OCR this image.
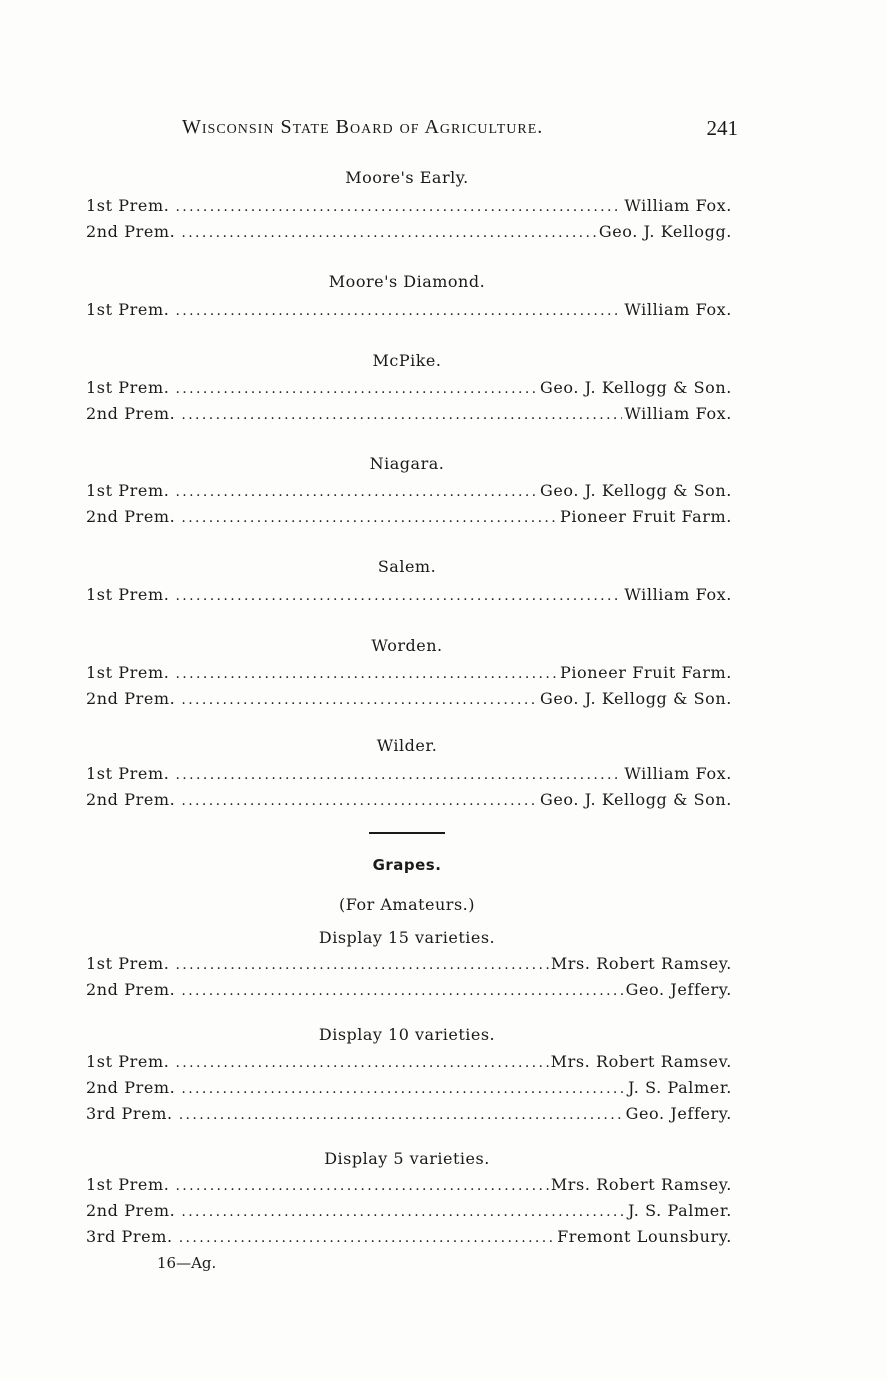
Wisconsin State Board of Agriculture.	241
Moore's Early.
1st Prem. .....	William Fox.
2nd Prem. .....	Geo. J. Kellogg.
Moore's Diamond.
1st Prem. .....	William Fox.
McPike.
1st Prem. .....	Geo. J. Kellogg & Son.
2nd Prem. .....	William Fox.
Niagara.
1st Prem. .....	Geo. J. Kellogg & Son.
2nd Prem. .....	Pioneer Fruit Farm.
Salem.
1st Prem. .....	William Fox.
Worden.
1st Prem. .....	Pioneer Fruit Farm.
2nd Prem. .....	Geo. J. Kellogg & Son.
Wilder.
1st Prem. .....	William Fox.
2nd Prem. .....	Geo. J. Kellogg & Son.
Grapes.
(For Amateurs.)
Display 15 varieties.
1st Prem. .....	Mrs. Robert Ramsey.
2nd Prem. .....	Geo. Jeffery.
Display 10 varieties.
1st Prem. .....	Mrs. Robert Ramsev.
2nd Prem. .....	J. S. Palmer.
3rd Prem. .....	Geo. Jeffery.
Display 5 varieties.
1st Prem. .....	Mrs. Robert Ramsey.
2nd Prem. .....	J. S. Palmer.
3rd Prem. .....	Fremont Lounsbury.
16—Ag.
